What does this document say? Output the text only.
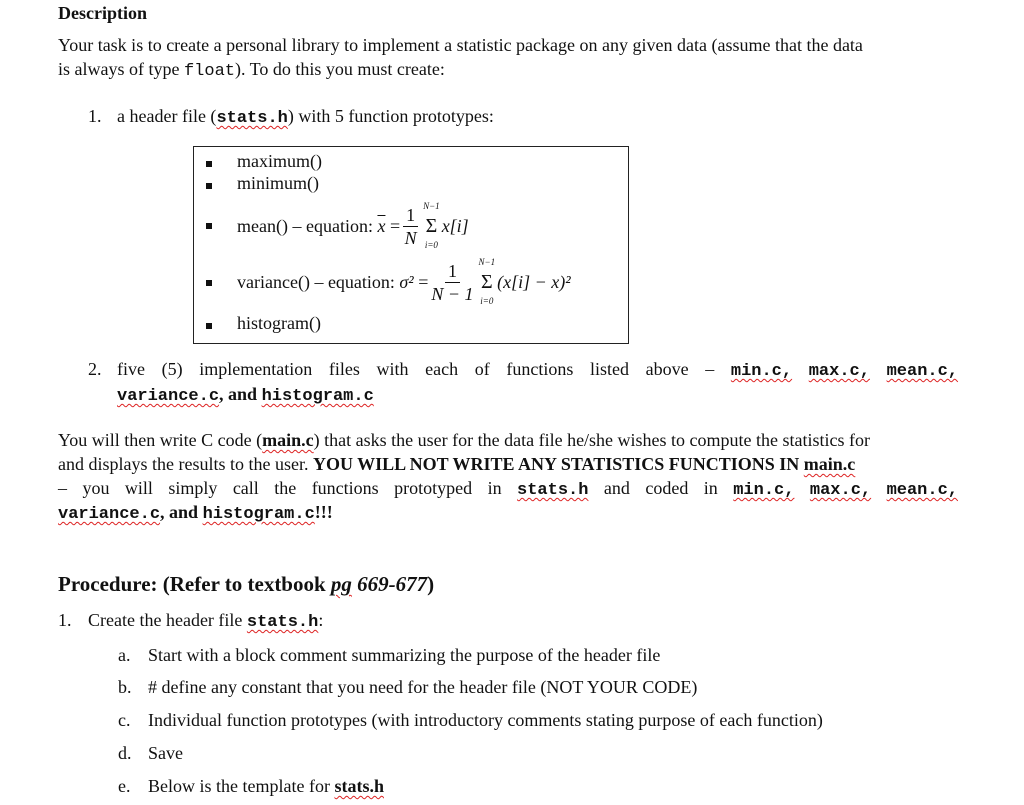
Description
Your task is to create a personal library to implement a statistic package on any given data (assume that the data
is always of type float). To do this you must create:
1. a header file (stats.h) with 5 function prototypes:
maximum()
minimum()
mean() – equation:
$\overline{x} = \frac{1}{N} N-1$
Σ
i=0
x[i]
variance() – equation:
$\sigma^2 = \frac{1}{N - 1} N-1$
Σ
i=0
(x[i] − x)²
histogram()
2. five (5) implementation files with each of functions listed above – min.c, max.c, mean.c,
variance.c, and histogram.c
You will then write C code (main.c) that asks the user for the data file he/she wishes to compute the statistics for
and displays the results to the user. YOU WILL NOT WRITE ANY STATISTICS FUNCTIONS IN main.c
– you will simply call the functions prototyped in stats.h and coded in min.c, max.c, mean.c,
variance.c, and histogram.c!!!
Procedure: (Refer to textbook pg 669-677)
1. Create the header file stats.h:
a. Start with a block comment summarizing the purpose of the header file
b. # define any constant that you need for the header file (NOT YOUR CODE)
c. Individual function prototypes (with introductory comments stating purpose of each function)
d. Save
e. Below is the template for stats.h
